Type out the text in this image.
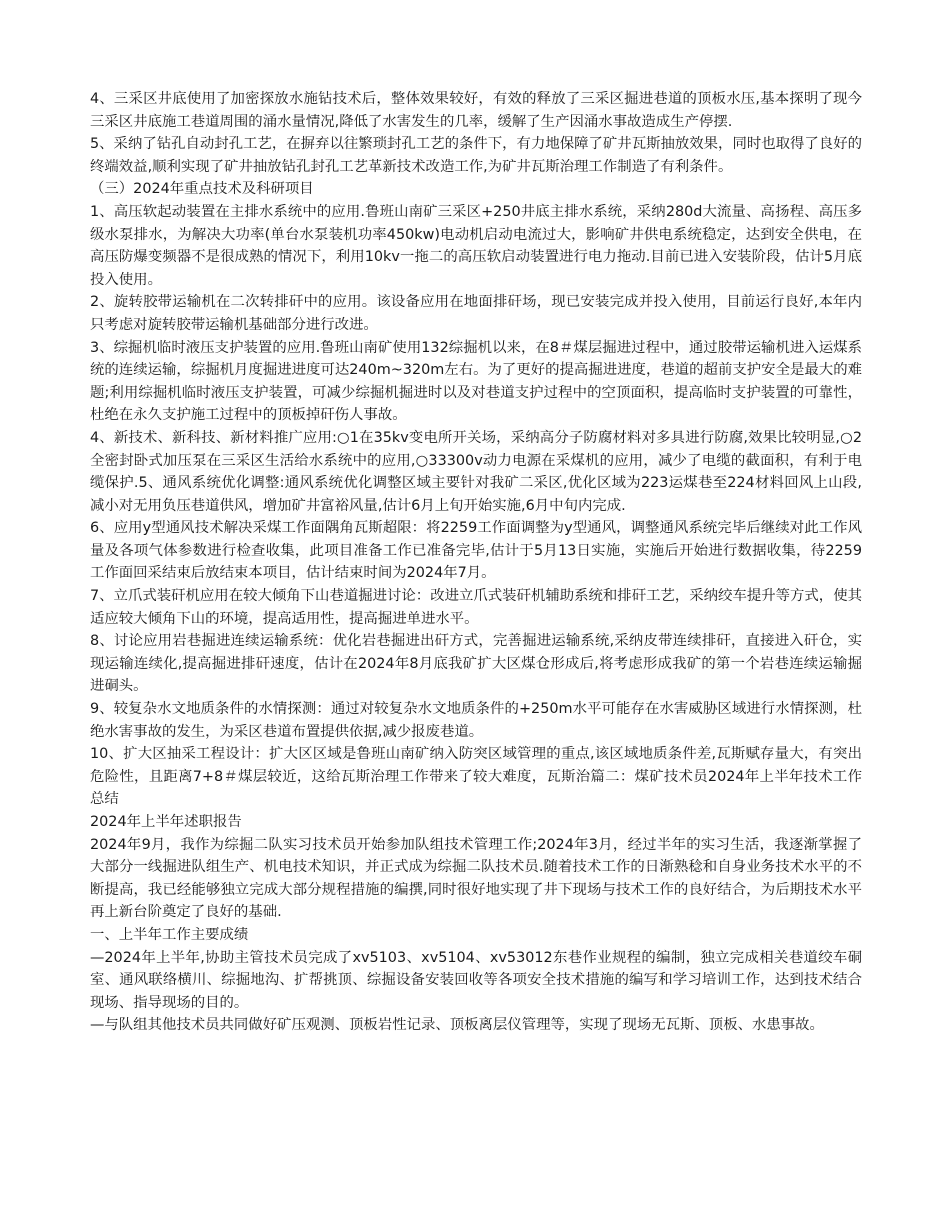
4、三采区井底使用了加密探放水施钻技术后，整体效果较好，有效的释放了三采区掘进巷道的顶板水压,基本探明了现今三采区井底施工巷道周围的涌水量情况,降低了水害发生的几率，缓解了生产因涌水事故造成生产停摆.

5、采纳了钻孔自动封孔工艺，在摒弃以往繁琐封孔工艺的条件下，有力地保障了矿井瓦斯抽放效果，同时也取得了良好的终端效益,顺利实现了矿井抽放钻孔封孔工艺革新技术改造工作,为矿井瓦斯治理工作制造了有利条件。

（三）2024年重点技术及科研项目

1、高压软起动装置在主排水系统中的应用.鲁班山南矿三采区+250井底主排水系统，采纳280d大流量、高扬程、高压多级水泵排水，为解决大功率(单台水泵装机功率450kw)电动机启动电流过大，影响矿井供电系统稳定，达到安全供电，在高压防爆变频器不是很成熟的情况下，利用10kv一拖二的高压软启动装置进行电力拖动.目前已进入安装阶段，估计5月底投入使用。

2、旋转胶带运输机在二次转排矸中的应用。该设备应用在地面排矸场，现已安装完成并投入使用，目前运行良好,本年内只考虑对旋转胶带运输机基础部分进行改进。

3、综掘机临时液压支护装置的应用.鲁班山南矿使用132综掘机以来，在8＃煤层掘进过程中，通过胶带运输机进入运煤系统的连续运输，综掘机月度掘进进度可达240m~320m左右。为了更好的提高掘进进度，巷道的超前支护安全是最大的难题;利用综掘机临时液压支护装置，可减少综掘机掘进时以及对巷道支护过程中的空顶面积，提高临时支护装置的可靠性，杜绝在永久支护施工过程中的顶板掉矸伤人事故。

4、新技术、新科技、新材料推广应用:○1在35kv变电所开关场，采纳高分子防腐材料对多具进行防腐,效果比较明显,○2全密封卧式加压泵在三采区生活给水系统中的应用,○33300v动力电源在采煤机的应用，减少了电缆的截面积，有利于电缆保护.5、通风系统优化调整:通风系统优化调整区域主要针对我矿二采区,优化区域为223运煤巷至224材料回风上山段,减小对无用负压巷道供风，增加矿井富裕风量,估计6月上旬开始实施,6月中旬内完成.

6、应用y型通风技术解决采煤工作面隅角瓦斯超限：将2259工作面调整为y型通风，调整通风系统完毕后继续对此工作风量及各项气体参数进行检查收集，此项目准备工作已准备完毕,估计于5月13日实施，实施后开始进行数据收集，待2259工作面回采结束后放结束本项目，估计结束时间为2024年7月。

7、立爪式装矸机应用在较大倾角下山巷道掘进讨论：改进立爪式装矸机辅助系统和排矸工艺，采纳绞车提升等方式，使其适应较大倾角下山的环境，提高适用性，提高掘进单进水平。

8、讨论应用岩巷掘进连续运输系统：优化岩巷掘进出矸方式，完善掘进运输系统,采纳皮带连续排矸，直接进入矸仓，实现运输连续化,提高掘进排矸速度，估计在2024年8月底我矿扩大区煤仓形成后,将考虑形成我矿的第一个岩巷连续运输掘进硐头。

9、较复杂水文地质条件的水情探测：通过对较复杂水文地质条件的+250m水平可能存在水害威胁区域进行水情探测，杜绝水害事故的发生，为采区巷道布置提供依据,减少报废巷道。

10、扩大区抽采工程设计：扩大区区域是鲁班山南矿纳入防突区域管理的重点,该区域地质条件差,瓦斯赋存量大，有突出危险性，且距离7+8＃煤层较近，这给瓦斯治理工作带来了较大难度，瓦斯治篇二：煤矿技术员2024年上半年技术工作总结

2024年上半年述职报告

2024年9月，我作为综掘二队实习技术员开始参加队组技术管理工作;2024年3月，经过半年的实习生活，我逐渐掌握了大部分一线掘进队组生产、机电技术知识，并正式成为综掘二队技术员.随着技术工作的日渐熟稔和自身业务技术水平的不断提高，我已经能够独立完成大部分规程措施的编撰,同时很好地实现了井下现场与技术工作的良好结合，为后期技术水平再上新台阶奠定了良好的基础.

一、上半年工作主要成绩

—2024年上半年,协助主管技术员完成了xv5103、xv5104、xv53012东巷作业规程的编制，独立完成相关巷道绞车硐室、通风联络横川、综掘地沟、扩帮挑顶、综掘设备安装回收等各项安全技术措施的编写和学习培训工作，达到技术结合现场、指导现场的目的。

—与队组其他技术员共同做好矿压观测、顶板岩性记录、顶板离层仪管理等，实现了现场无瓦斯、顶板、水患事故。
